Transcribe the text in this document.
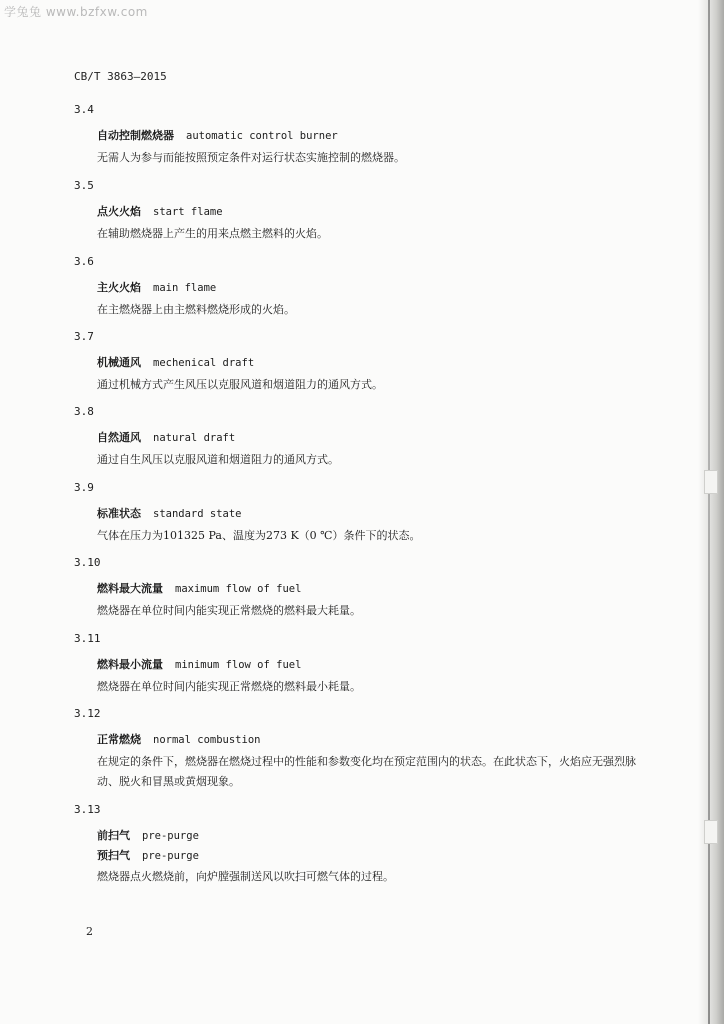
学兔兔 www.bzfxw.com
CB/T 3863—2015
3.4
自动控制燃烧器 automatic control burner
无需人为参与而能按照预定条件对运行状态实施控制的燃烧器。
3.5
点火火焰 start flame
在辅助燃烧器上产生的用来点燃主燃料的火焰。
3.6
主火火焰 main flame
在主燃烧器上由主燃料燃烧形成的火焰。
3.7
机械通风 mechenical draft
通过机械方式产生风压以克服风道和烟道阻力的通风方式。
3.8
自然通风 natural draft
通过自生风压以克服风道和烟道阻力的通风方式。
3.9
标准状态 standard state
气体在压力为101325 Pa、温度为273 K（0 ℃）条件下的状态。
3.10
燃料最大流量 maximum flow of fuel
燃烧器在单位时间内能实现正常燃烧的燃料最大耗量。
3.11
燃料最小流量 minimum flow of fuel
燃烧器在单位时间内能实现正常燃烧的燃料最小耗量。
3.12
正常燃烧 normal combustion
在规定的条件下，燃烧器在燃烧过程中的性能和参数变化均在预定范围内的状态。在此状态下，火焰应无强烈脉动、脱火和冒黑或黄烟现象。
3.13
前扫气 pre-purge
预扫气 pre-purge
燃烧器点火燃烧前，向炉膛强制送风以吹扫可燃气体的过程。
2
